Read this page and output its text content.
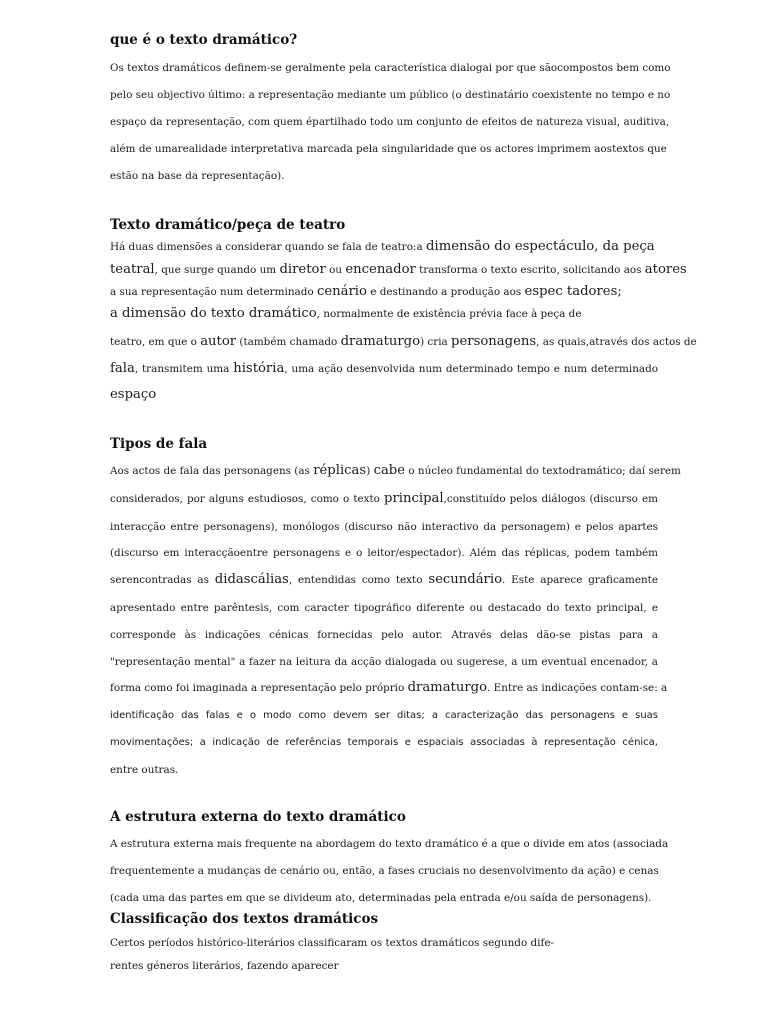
que é o texto dramático?

Os textos dramáticos definem-se geralmente pela característica dialogai por que sãocompostos bem como

pelo seu objectivo último: a representação mediante um público (o destinatário coexistente no tempo e no

espaço da representação, com quem épartilhado todo um conjunto de efeitos de natureza visual, auditiva,

além de umarealidade interpretativa marcada pela singularidade que os actores imprimem aostextos que

estão na base da representação).

Texto dramático/peça de teatro

Há duas dimensões a considerar quando se fala de teatro:a dimensão do espectáculo, da peça

teatral, que surge quando um diretor ou encenador transforma o texto escrito, solicitando aos atores

a sua representação num determinado cenário e destinando a produção aos espec tadores;

a dimensão do texto dramático, normalmente de existência prévia face à peça de

teatro, em que o autor (também chamado dramaturgo) cria personagens, as quais,através dos actos de

fala, transmitem uma história, uma ação desenvolvida num determinado tempo e num determinado

espaço

Tipos de fala

Aos actos de fala das personagens (as réplicas) cabe o núcleo fundamental do textodramático; daí serem

considerados, por alguns estudiosos, como o texto principal,constituído pelos diálogos (discurso em

interacção entre personagens), monólogos (discurso não interactivo da personagem) e pelos apartes

(discurso em interacçãoentre personagens e o leitor/espectador). Além das réplicas, podem também

serencontradas as didascálias, entendidas como texto secundário. Este aparece graficamente

apresentado entre parêntesis, com caracter tipográfico diferente ou destacado do texto principal, e

corresponde às indicações cénicas fornecidas pelo autor. Através delas dão-se pistas para a

"representação mental" a fazer na leitura da acção dialogada ou sugerese, a um eventual encenador, a

forma como foi imaginada a representação pelo próprio dramaturgo. Entre as indicações contam-se: a

identificação das falas e o modo como devem ser ditas; a caracterização das personagens e suas

movimentações; a indicação de referências temporais e espaciais associadas à representação cénica,

entre outras.

A estrutura externa do texto dramático

A estrutura externa mais frequente na abordagem do texto dramático é a que o divide em atos (associada

frequentemente a mudanças de cenário ou, então, a fases cruciais no desenvolvimento da ação) e cenas

(cada uma das partes em que se divideum ato, determinadas pela entrada e/ou saída de personagens).

Classificação dos textos dramáticos

Certos períodos histórico-literários classificaram os textos dramáticos segundo dife-

rentes géneros literários, fazendo aparecer
